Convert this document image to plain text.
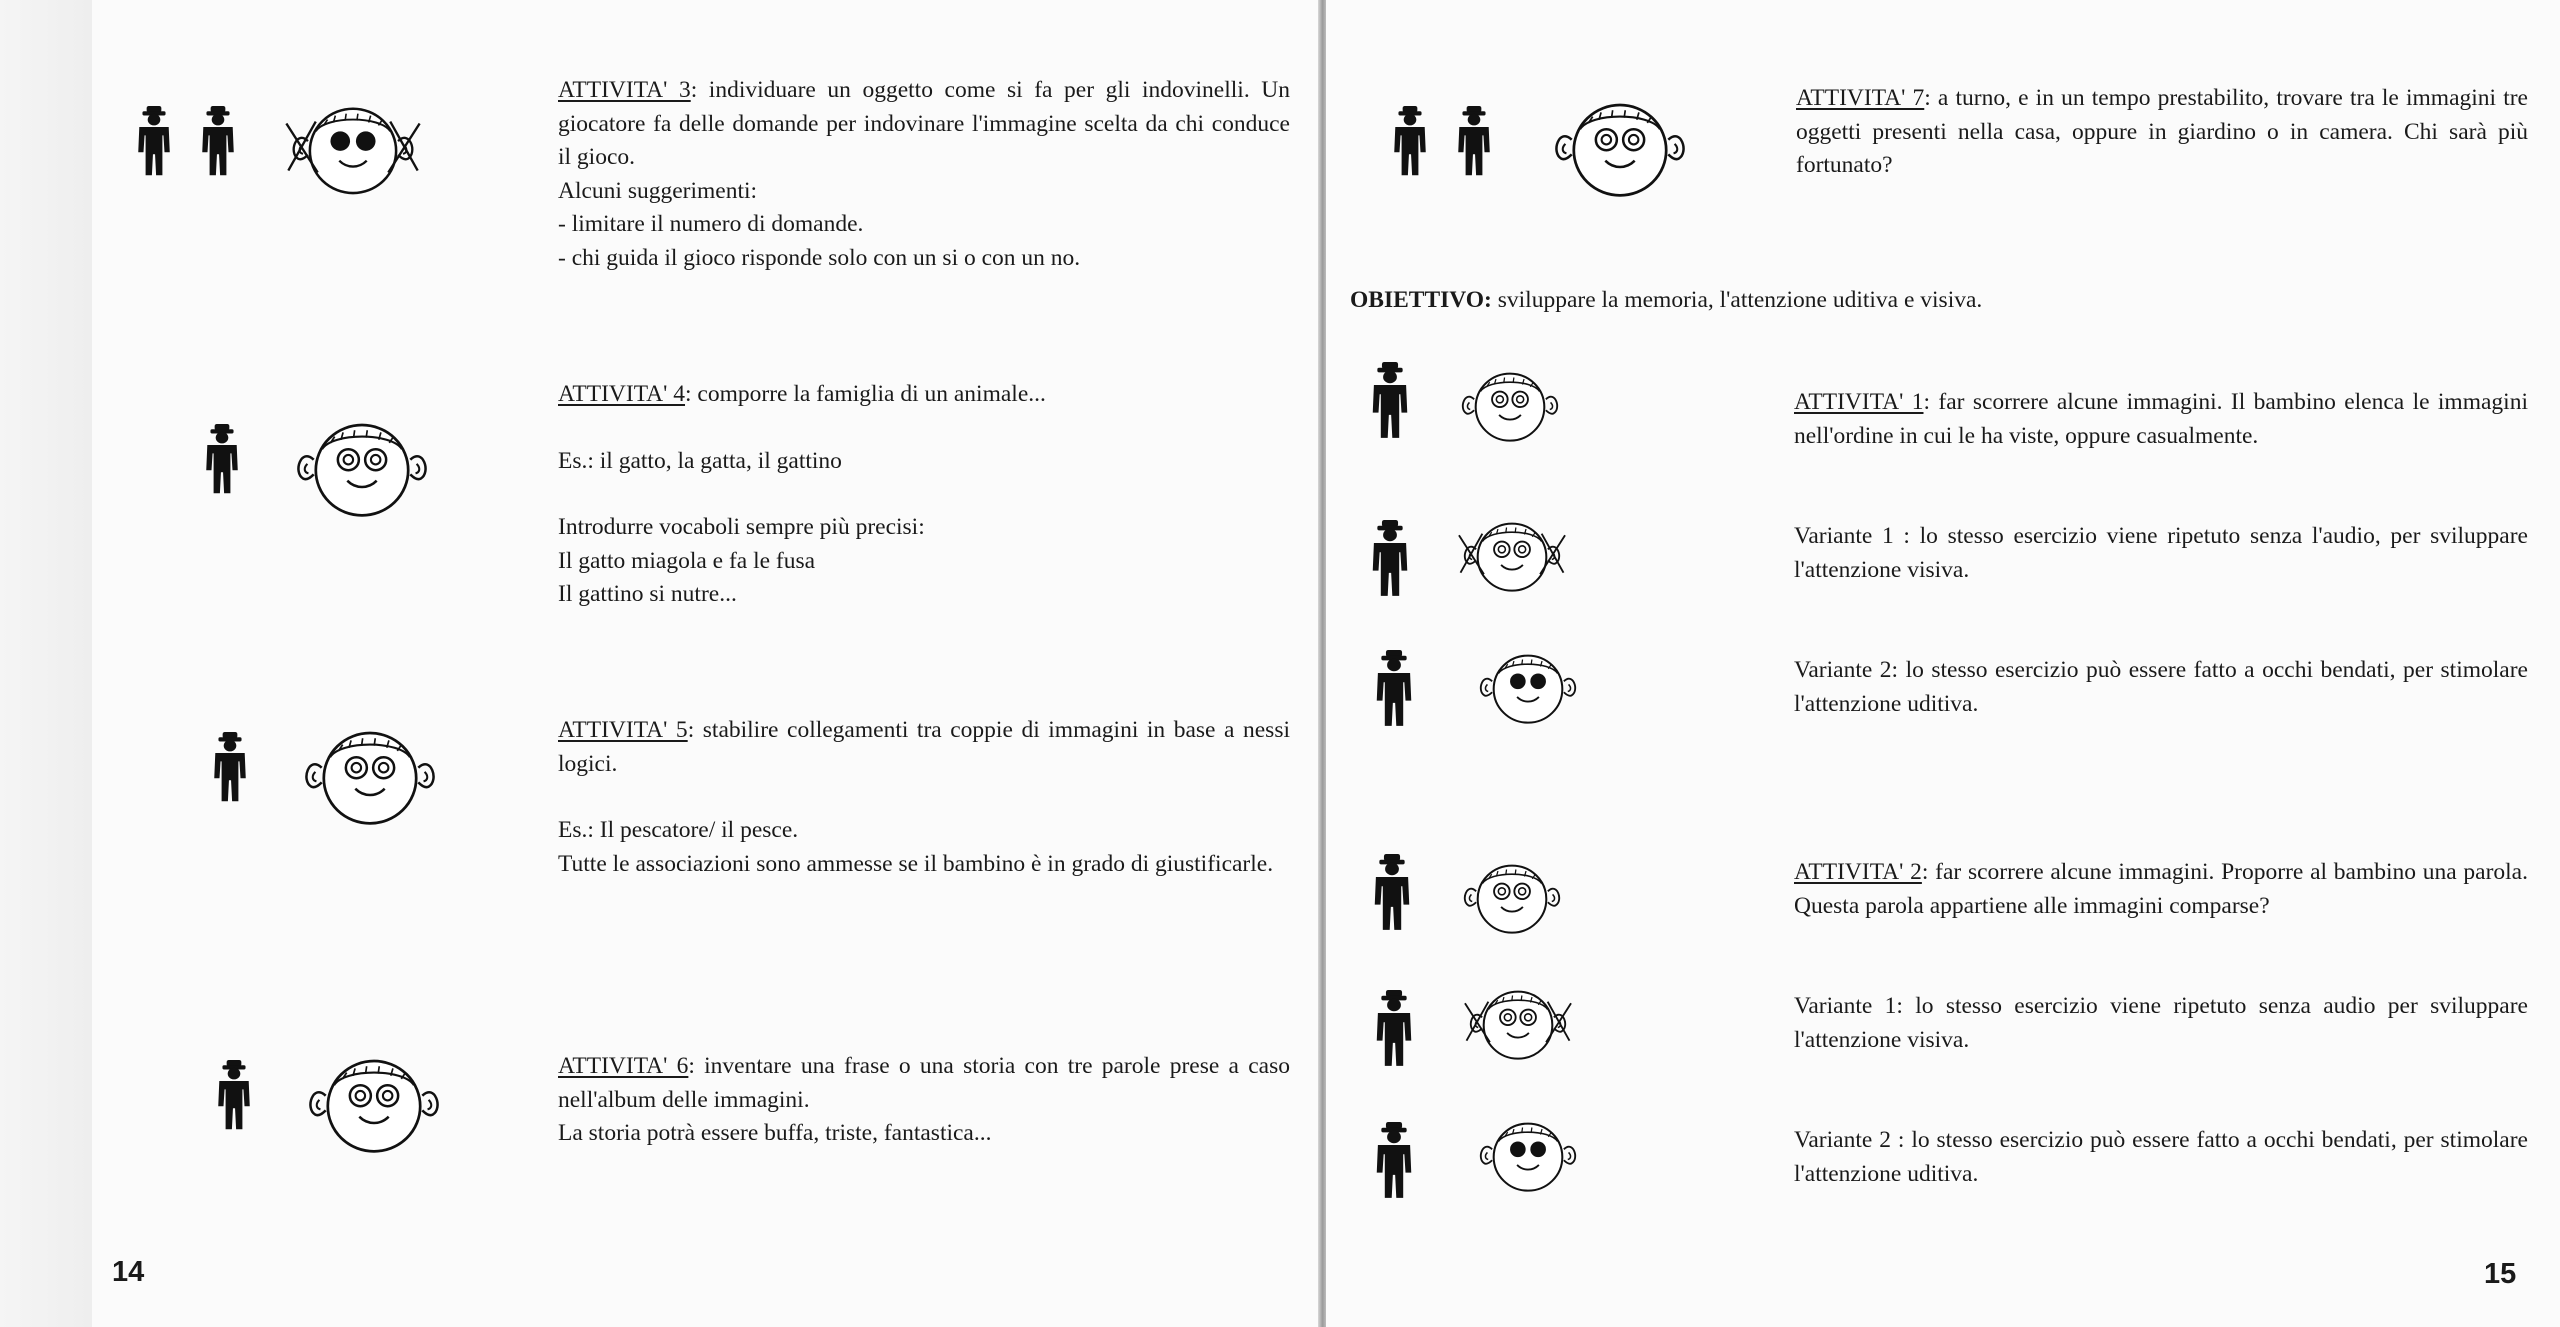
ATTIVITA' 3: individuare un oggetto come si fa per gli indovinelli. Un giocatore fa delle domande per indovinare l'immagine scelta da chi conduce il gioco.

Alcuni suggerimenti:

- limitare il numero di domande.

- chi guida il gioco risponde solo con un si o con un no.

ATTIVITA' 4: comporre la famiglia di un animale...

Es.: il gatto, la gatta, il gattino

Introdurre vocaboli sempre più precisi:

Il gatto miagola e fa le fusa

Il gattino si nutre...

ATTIVITA' 5: stabilire collegamenti tra coppie di immagini in base a nessi logici.

Es.: Il pescatore/ il pesce.

Tutte le associazioni sono ammesse se il bambino è in grado di giustificarle.

ATTIVITA' 6: inventare una frase o una storia con tre parole prese a caso nell'album delle immagini.

La storia potrà essere buffa, triste, fantastica...

14

ATTIVITA' 7: a turno, e in un tempo prestabilito, trovare tra le immagini tre oggetti presenti nella casa, oppure in giardino o in camera. Chi sarà più fortunato?

OBIETTIVO: sviluppare la memoria, l'attenzione uditiva e visiva.

ATTIVITA' 1: far scorrere alcune immagini. Il bambino elenca le immagini nell'ordine in cui le ha viste, oppure casualmente.

Variante 1 : lo stesso esercizio viene ripetuto senza l'audio, per sviluppare l'attenzione visiva.

Variante 2: lo stesso esercizio può essere fatto a occhi bendati, per stimolare l'attenzione uditiva.

ATTIVITA' 2: far scorrere alcune immagini. Proporre al bambino una parola. Questa parola appartiene alle immagini comparse?

Variante 1: lo stesso esercizio viene ripetuto senza audio per sviluppare l'attenzione visiva.

Variante 2 : lo stesso esercizio può essere fatto a occhi bendati, per stimolare l'attenzione uditiva.

15
